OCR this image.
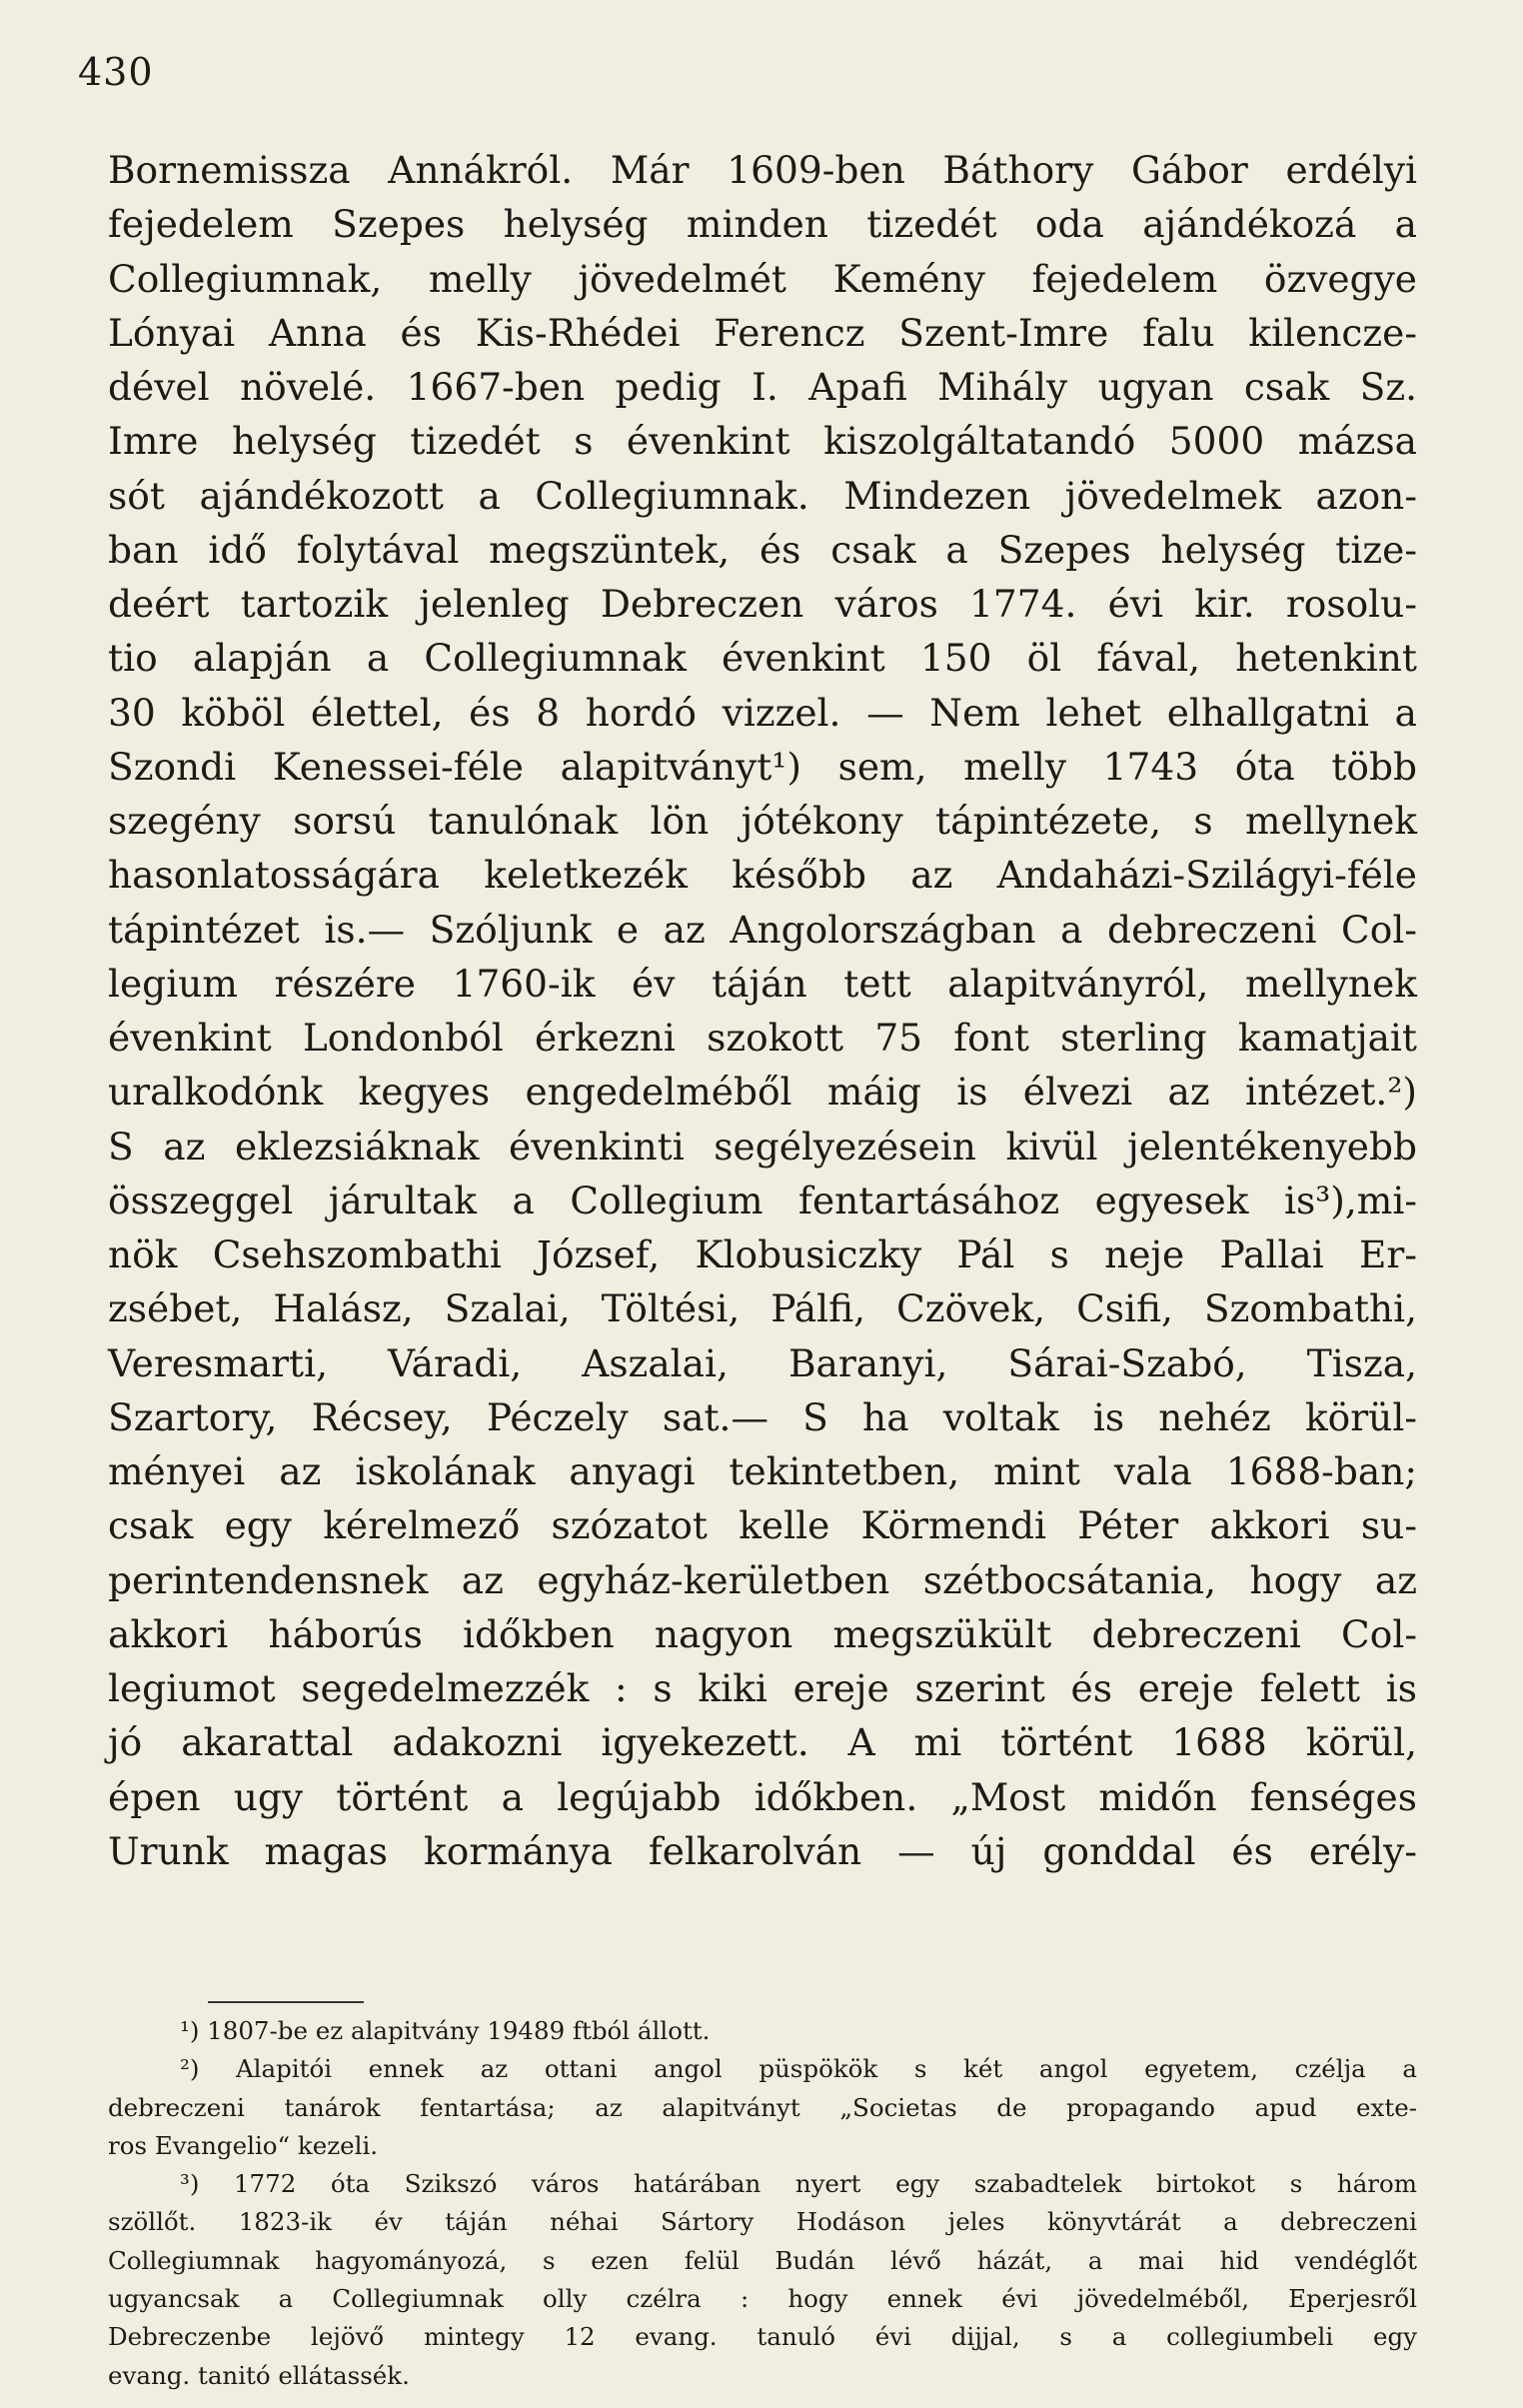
430
Bornemissza Annákról. Már 1609-ben Báthory Gábor erdélyi
fejedelem Szepes helység minden tizedét oda ajándékozá a
Collegiumnak, melly jövedelmét Kemény fejedelem özvegye
Lónyai Anna és Kis-Rhédei Ferencz Szent-Imre falu kilencze-
dével növelé. 1667-ben pedig I. Apafi Mihály ugyan csak Sz.
Imre helység tizedét s évenkint kiszolgáltatandó 5000 mázsa
sót ajándékozott a Collegiumnak. Mindezen jövedelmek azon-
ban idő folytával megszüntek, és csak a Szepes helység tize-
deért tartozik jelenleg Debreczen város 1774. évi kir. rosolu-
tio alapján a Collegiumnak évenkint 150 öl fával, hetenkint
30 köböl élettel, és 8 hordó vizzel. — Nem lehet elhallgatni a
Szondi Kenessei-féle alapitványt¹) sem, melly 1743 óta több
szegény sorsú tanulónak lön jótékony tápintézete, s mellynek
hasonlatosságára keletkezék később az Andaházi-Szilágyi-féle
tápintézet is.— Szóljunk e az Angolországban a debreczeni Col-
legium részére 1760-ik év táján tett alapitványról, mellynek
évenkint Londonból érkezni szokott 75 font sterling kamatjait
uralkodónk kegyes engedelméből máig is élvezi az intézet.²)
S az eklezsiáknak évenkinti segélyezésein kivül jelentékenyebb
összeggel járultak a Collegium fentartásához egyesek is³),mi-
nök Csehszombathi József, Klobusiczky Pál s neje Pallai Er-
zsébet, Halász, Szalai, Töltési, Pálfi, Czövek, Csifi, Szombathi,
Veresmarti, Váradi, Aszalai, Baranyi, Sárai-Szabó, Tisza,
Szartory, Récsey, Péczely sat.— S ha voltak is nehéz körül-
ményei az iskolának anyagi tekintetben, mint vala 1688-ban;
csak egy kérelmező szózatot kelle Körmendi Péter akkori su-
perintendensnek az egyház-kerületben szétbocsátania, hogy az
akkori háborús időkben nagyon megszükült debreczeni Col-
legiumot segedelmezzék : s kiki ereje szerint és ereje felett is
jó akarattal adakozni igyekezett. A mi történt 1688 körül,
épen ugy történt a legújabb időkben. „Most midőn fenséges
Urunk magas kormánya felkarolván — új gonddal és erély-
¹) 1807-be ez alapitvány 19489 ftból állott.
²) Alapitói ennek az ottani angol püspökök s két angol egyetem, czélja a
debreczeni tanárok fentartása; az alapitványt „Societas de propagando apud exte-
ros Evangelio“ kezeli.
³) 1772 óta Szikszó város határában nyert egy szabadtelek birtokot s három
szöllőt. 1823-ik év táján néhai Sártory Hodáson jeles könyvtárát a debreczeni
Collegiumnak hagyományozá, s ezen felül Budán lévő házát, a mai hid vendéglőt
ugyancsak a Collegiumnak olly czélra : hogy ennek évi jövedelméből, Eperjesről
Debreczenbe lejövő mintegy 12 evang. tanuló évi dijjal, s a collegiumbeli egy
evang. tanitó ellátassék.
